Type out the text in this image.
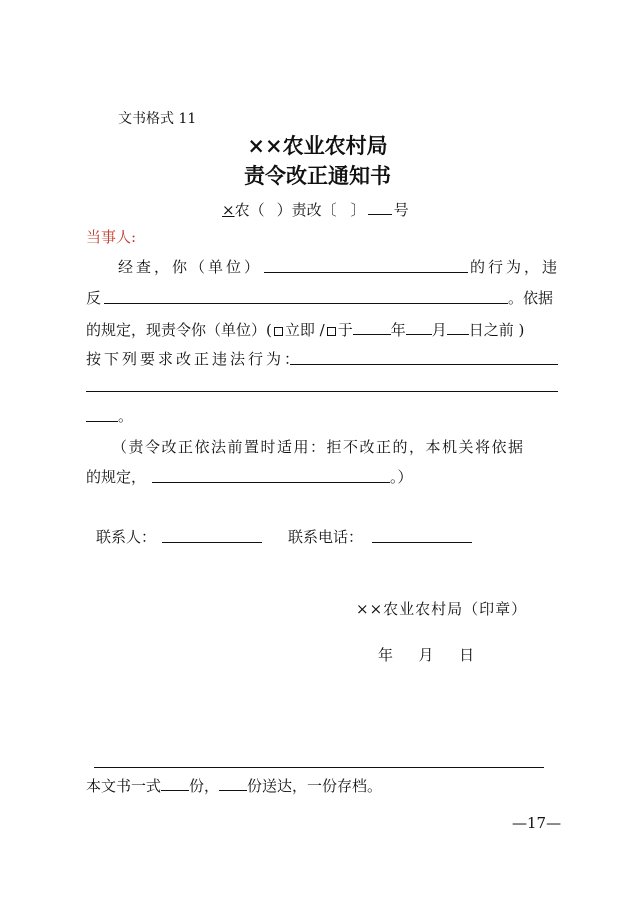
文书格式 11
××农业农村局
责令改正通知书
×农（ ）责改〔 〕 号
当事人:
经查，你（单位）	的行为，违
反	。依据
的规定，现责令你（单位）( 立即 / 于	年 月 日之前 )
按下列要求改正违法行为：
。
（责令改正依法前置时适用：拒不改正的，本机关将依据
的规定，	。）
联系人：	联系电话：
××农业农村局（印章）
年  月  日
本文书一式 份， 份送达，一份存档。
—17—
